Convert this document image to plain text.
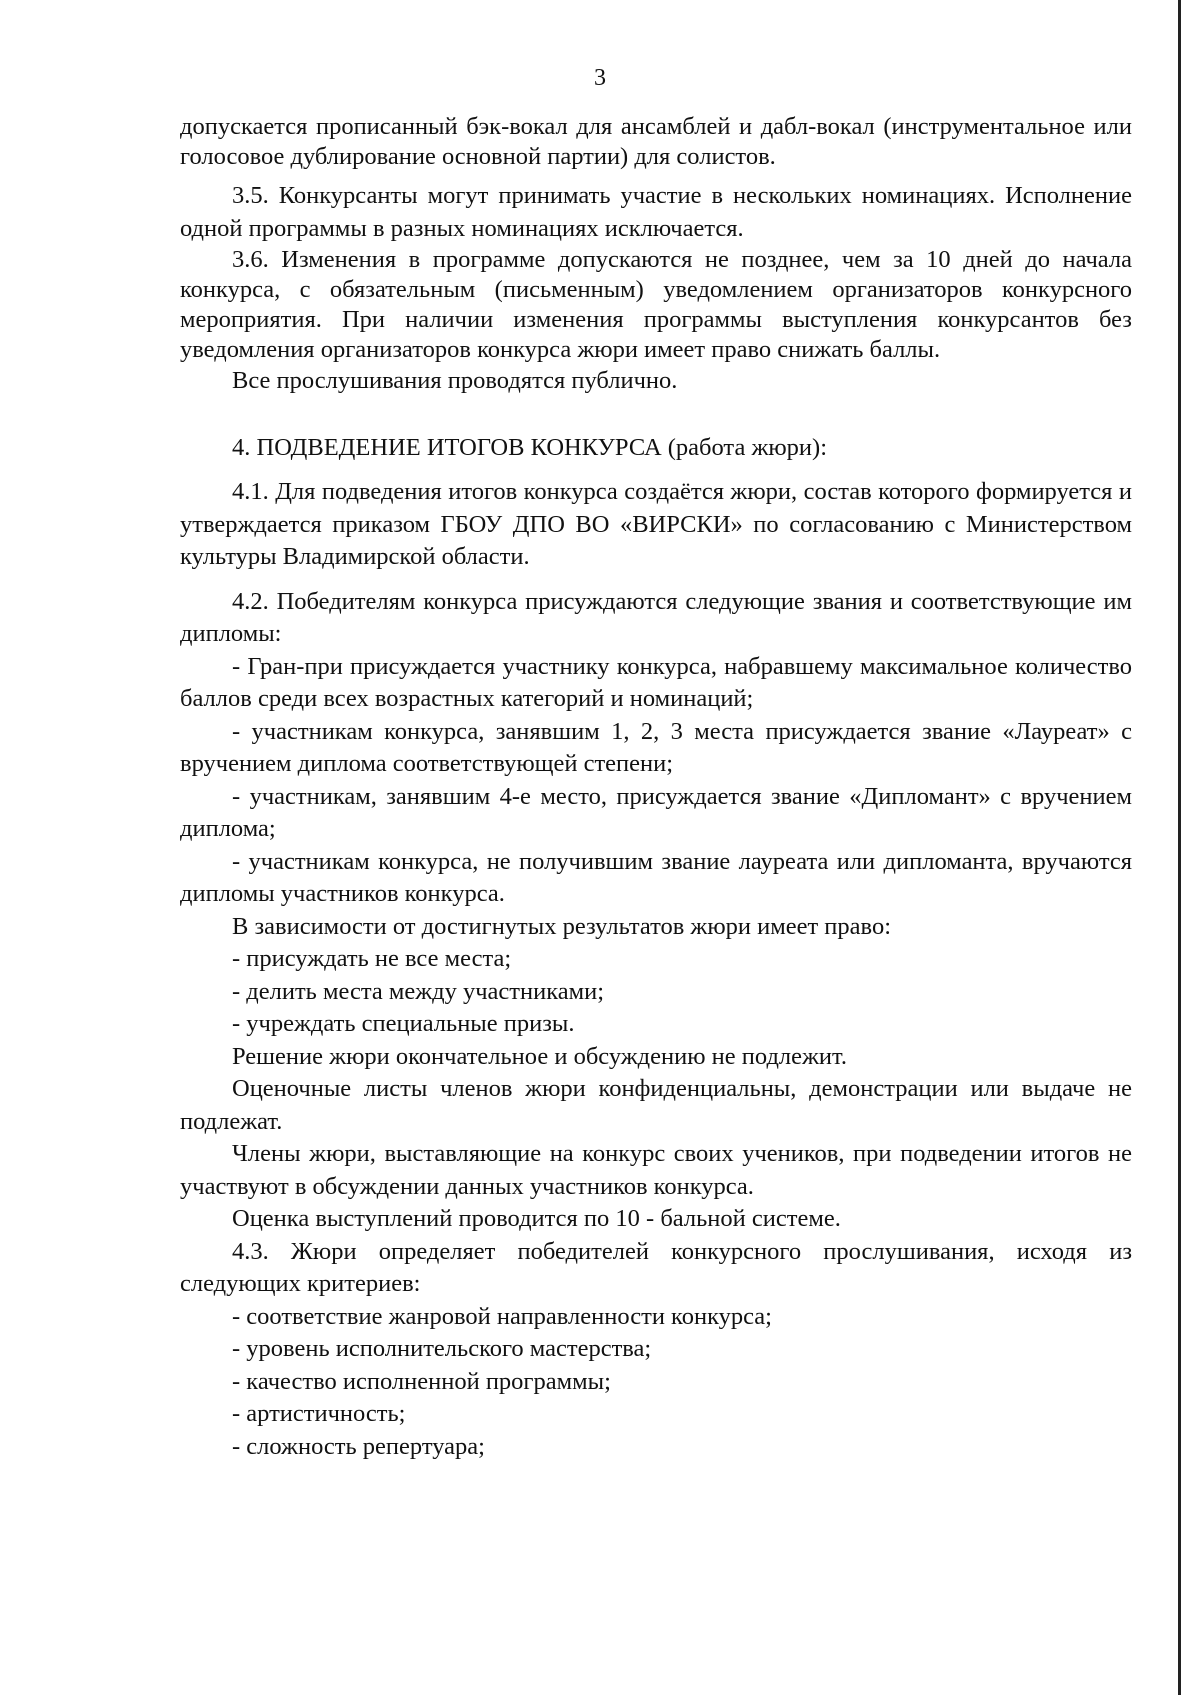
3

допускается прописанный бэк-вокал для ансамблей и дабл-вокал (инструментальное или голосовое дублирование основной партии) для солистов.

3.5. Конкурсанты могут принимать участие в нескольких номинациях. Исполнение одной программы в разных номинациях исключается.

3.6. Изменения в программе допускаются не позднее, чем за 10 дней до начала конкурса, с обязательным (письменным) уведомлением организаторов конкурсного мероприятия. При наличии изменения программы выступления конкурсантов без уведомления организаторов конкурса жюри имеет право снижать баллы.

Все прослушивания проводятся публично.

4. ПОДВЕДЕНИЕ ИТОГОВ КОНКУРСА (работа жюри):

4.1. Для подведения итогов конкурса создаётся жюри, состав которого формируется и утверждается приказом ГБОУ ДПО ВО «ВИРСКИ» по согласованию с Министерством культуры Владимирской области.

4.2. Победителям конкурса присуждаются следующие звания и соответствующие им дипломы:

- Гран-при присуждается участнику конкурса, набравшему максимальное количество баллов среди всех возрастных категорий и номинаций;

- участникам конкурса, занявшим 1, 2, 3 места присуждается звание «Лауреат» с вручением диплома соответствующей степени;

- участникам, занявшим 4-е место, присуждается звание «Дипломант» с вручением диплома;

- участникам конкурса, не получившим звание лауреата или дипломанта, вручаются дипломы участников конкурса.

В зависимости от достигнутых результатов жюри имеет право:

- присуждать не все места;

- делить места между участниками;

- учреждать специальные призы.

Решение жюри окончательное и обсуждению не подлежит.

Оценочные листы членов жюри конфиденциальны, демонстрации или выдаче не подлежат.

Члены жюри, выставляющие на конкурс своих учеников, при подведении итогов не участвуют в обсуждении данных участников конкурса.

Оценка выступлений проводится по 10 - бальной системе.

4.3. Жюри определяет победителей конкурсного прослушивания, исходя из следующих критериев:

- соответствие жанровой направленности конкурса;

- уровень исполнительского мастерства;

- качество исполненной программы;

- артистичность;

- сложность репертуара;
